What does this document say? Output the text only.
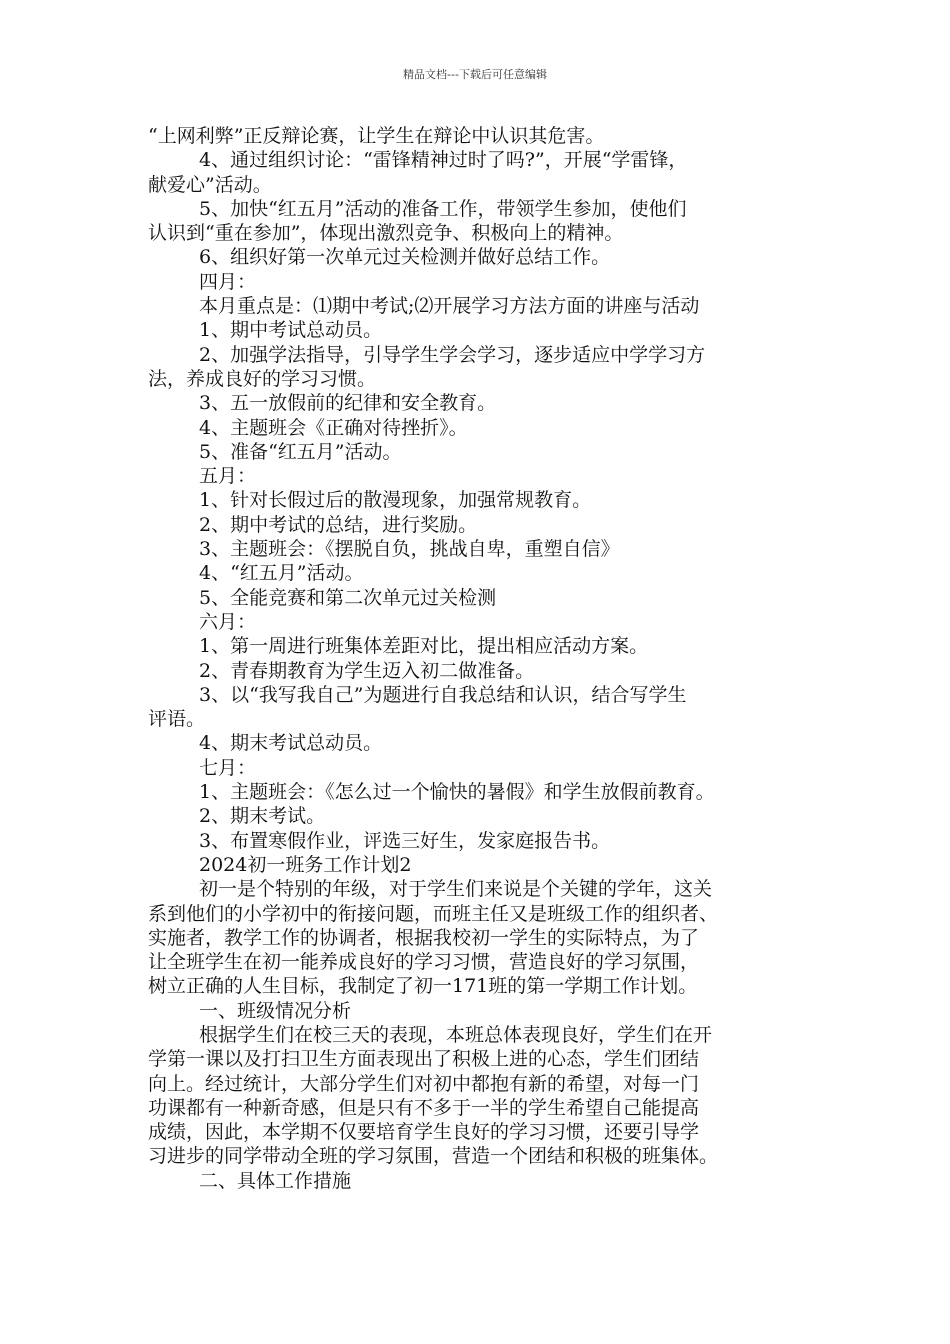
精品文档---下载后可任意编辑
“上网利弊”正反辩论赛，让学生在辩论中认识其危害。
4、通过组织讨论：“雷锋精神过时了吗?”，开展“学雷锋，
献爱心”活动。
5、加快“红五月”活动的准备工作，带领学生参加，使他们
认识到“重在参加”，体现出激烈竞争、积极向上的精神。
6、组织好第一次单元过关检测并做好总结工作。
四月：
本月重点是：⑴期中考试;⑵开展学习方法方面的讲座与活动
1、期中考试总动员。
2、加强学法指导，引导学生学会学习，逐步适应中学学习方
法，养成良好的学习习惯。
3、五一放假前的纪律和安全教育。
4、主题班会《正确对待挫折》。
5、准备“红五月”活动。
五月：
1、针对长假过后的散漫现象，加强常规教育。
2、期中考试的总结，进行奖励。
3、主题班会：《摆脱自负，挑战自卑，重塑自信》
4、“红五月”活动。
5、全能竞赛和第二次单元过关检测
六月：
1、第一周进行班集体差距对比，提出相应活动方案。
2、青春期教育为学生迈入初二做准备。
3、以“我写我自己”为题进行自我总结和认识，结合写学生
评语。
4、期末考试总动员。
七月：
1、主题班会：《怎么过一个愉快的暑假》和学生放假前教育。
2、期末考试。
3、布置寒假作业，评选三好生，发家庭报告书。
2024初一班务工作计划2
初一是个特别的年级，对于学生们来说是个关键的学年，这关
系到他们的小学初中的衔接问题，而班主任又是班级工作的组织者、
实施者，教学工作的协调者，根据我校初一学生的实际特点，为了
让全班学生在初一能养成良好的学习习惯，营造良好的学习氛围，
树立正确的人生目标，我制定了初一171班的第一学期工作计划。
一、班级情况分析
根据学生们在校三天的表现，本班总体表现良好，学生们在开
学第一课以及打扫卫生方面表现出了积极上进的心态，学生们团结
向上。经过统计，大部分学生们对初中都抱有新的希望，对每一门
功课都有一种新奇感，但是只有不多于一半的学生希望自己能提高
成绩，因此，本学期不仅要培育学生良好的学习习惯，还要引导学
习进步的同学带动全班的学习氛围，营造一个团结和积极的班集体。
二、具体工作措施
